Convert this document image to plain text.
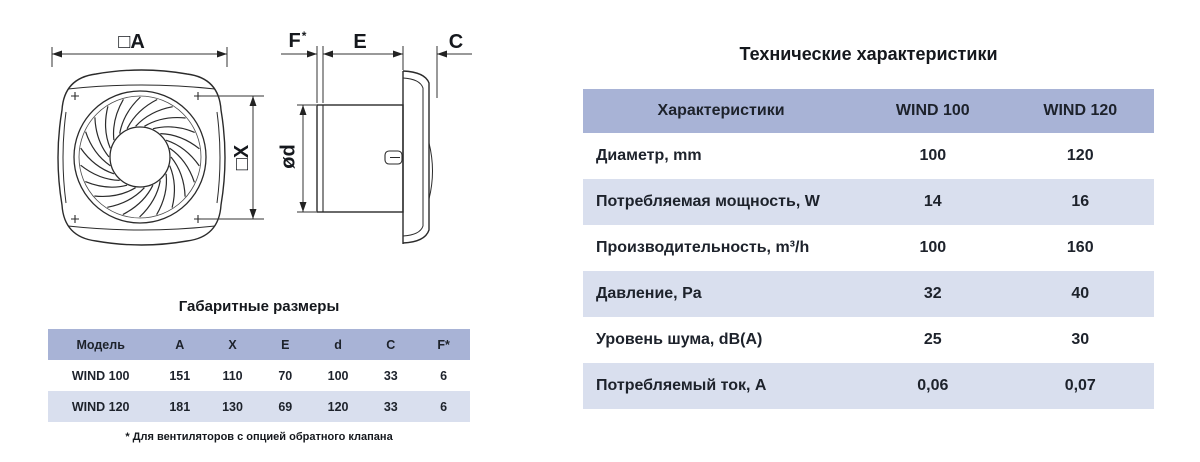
□A
□X
F*	E	C
ød
Габаритные размеры
Модель	A	X	E	d	C	F*
WIND 100	151	110	70	100	33	6
WIND 120	181	130	69	120	33	6
* Для вентиляторов с опцией обратного клапана
Технические характеристики
Характеристики	WIND 100	WIND 120
Диаметр, mm	100	120
Потребляемая мощность, W	14	16
Производительность, m³/h	100	160
Давление, Pa	32	40
Уровень шума, dB(A)	25	30
Потребляемый ток, A	0,06	0,07
